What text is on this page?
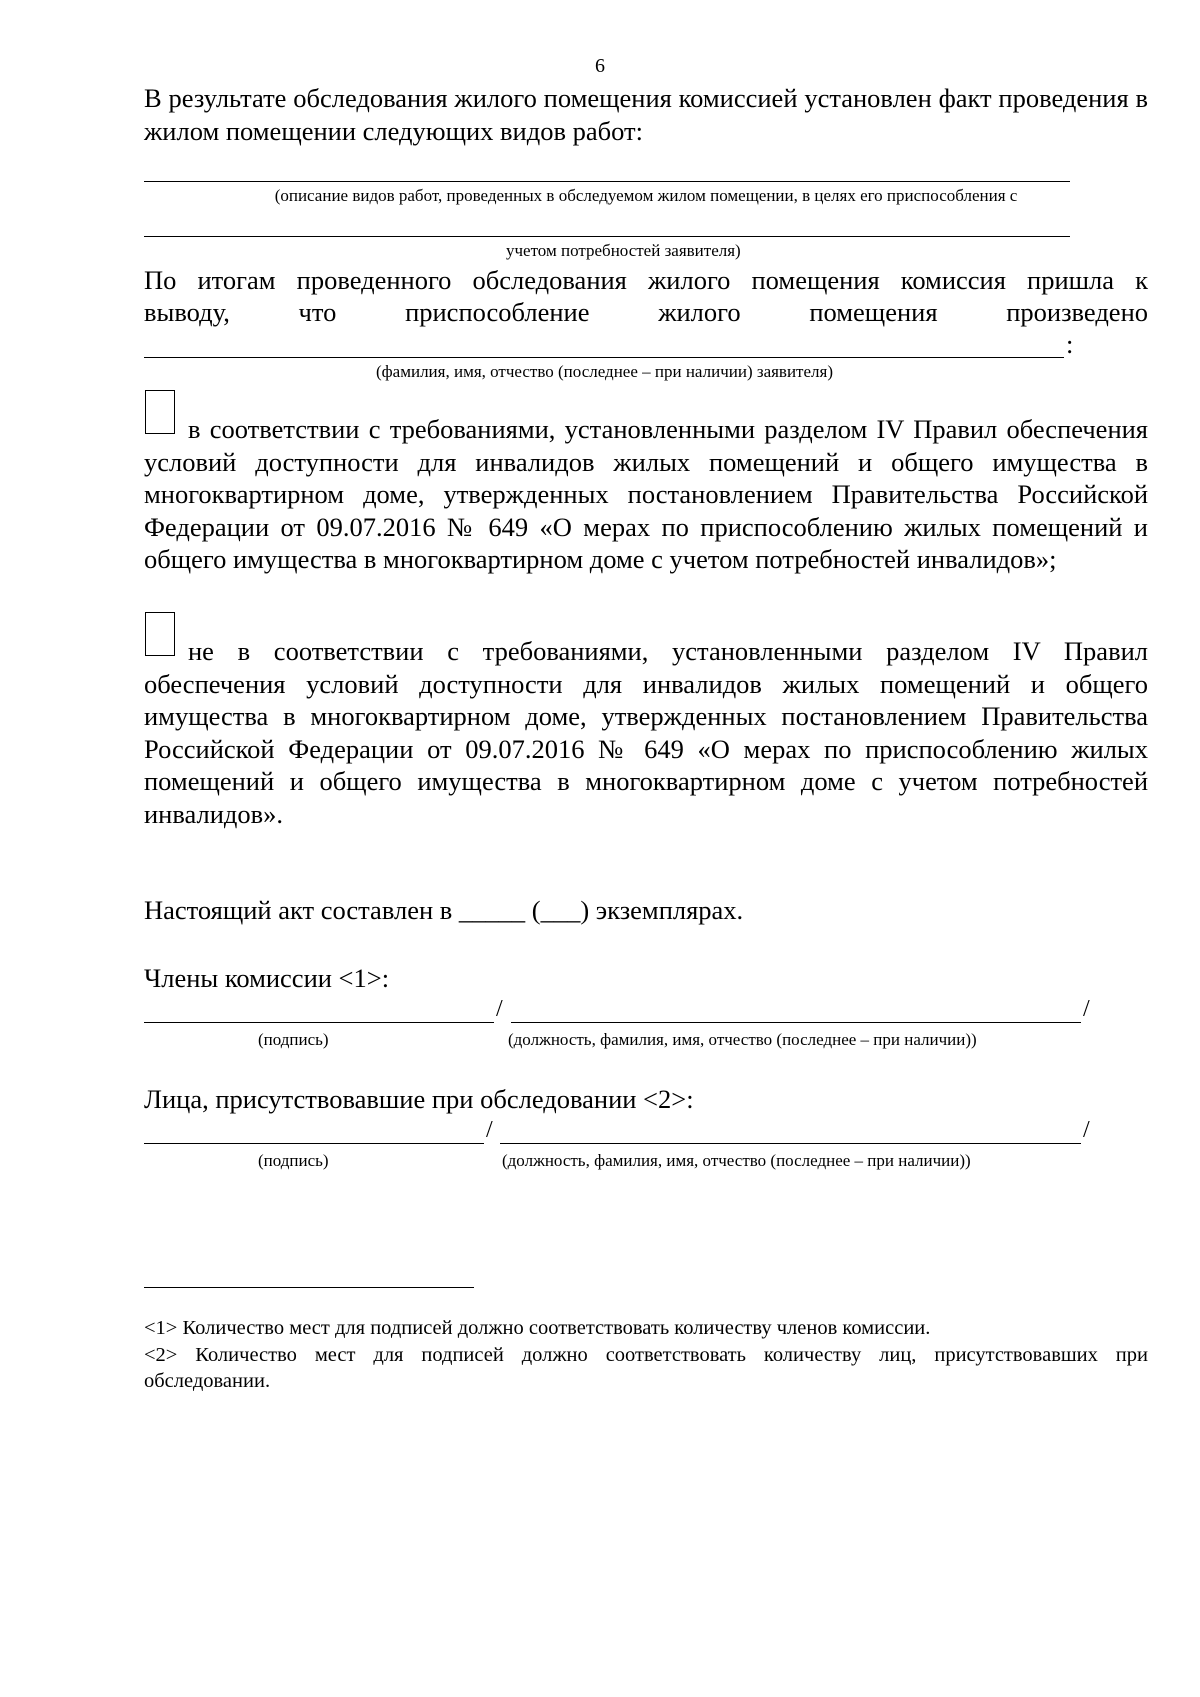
6
В результате обследования жилого помещения комиссией установлен факт проведения в жилом помещении следующих видов работ:
(описание видов работ, проведенных в обследуемом жилом помещении, в целях его приспособления с
учетом потребностей заявителя)
По итогам проведенного обследования жилого помещения комиссия пришла к
выводу,	что	приспособление	жилого	помещения	произведено
:
(фамилия, имя, отчество (последнее – при наличии) заявителя)
в соответствии с требованиями, установленными разделом IV Правил обеспечения условий доступности для инвалидов жилых помещений и общего имущества в многоквартирном доме, утвержденных постановлением Правительства Российской Федерации от 09.07.2016 № 649 «О мерах по приспособлению жилых помещений и общего имущества в многоквартирном доме с учетом потребностей инвалидов»;
не в соответствии с требованиями, установленными разделом IV Правил обеспечения условий доступности для инвалидов жилых помещений и общего имущества в многоквартирном доме, утвержденных постановлением Правительства Российской Федерации от 09.07.2016 № 649 «О мерах по приспособлению жилых помещений и общего имущества в многоквартирном доме с учетом потребностей инвалидов».
Настоящий акт составлен в _____ (___) экземплярах.
Члены комиссии <1>:
/	/
(подпись)	(должность, фамилия, имя, отчество (последнее – при наличии))
Лица, присутствовавшие при обследовании <2>:
/	/
(подпись)	(должность, фамилия, имя, отчество (последнее – при наличии))
<1> Количество мест для подписей должно соответствовать количеству членов комиссии.
<2> Количество мест для подписей должно соответствовать количеству лиц, присутствовавших при обследовании.
